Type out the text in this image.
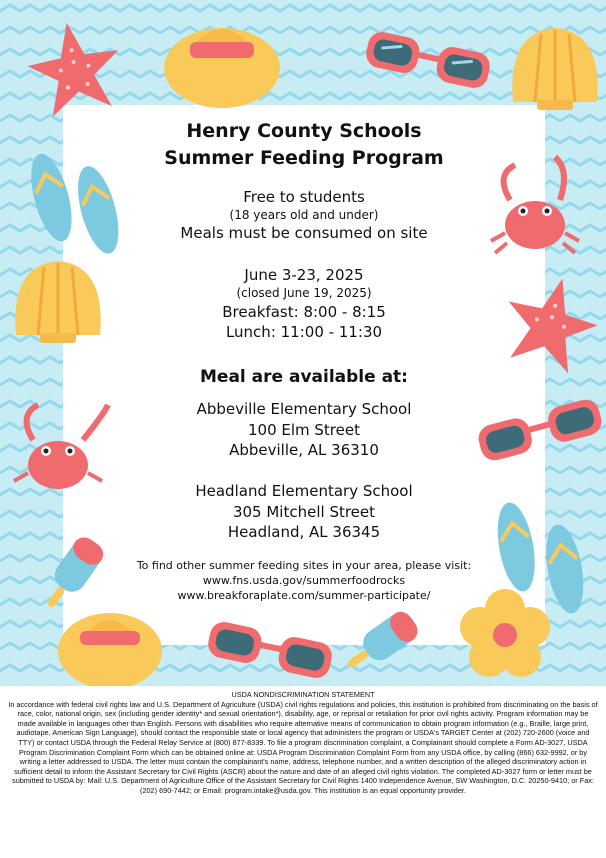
Henry County Schools
Summer Feeding Program
Free to students
(18 years old and under)
Meals must be consumed on site
June 3-23, 2025
(closed June 19, 2025)
Breakfast: 8:00 - 8:15
Lunch: 11:00 - 11:30
Meal are available at:
Abbeville Elementary School
100 Elm Street
Abbeville, AL 36310
Headland Elementary School
305 Mitchell Street
Headland, AL 36345
To find other summer feeding sites in your area, please visit:
www.fns.usda.gov/summerfoodrocks
www.breakforaplate.com/summer-participate/
USDA NONDISCRIMINATION STATEMENT
In accordance with federal civil rights law and U.S. Department of Agriculture (USDA) civil rights regulations and policies, this institution is prohibited from discriminating on the basis of race, color, national origin, sex (including gender identity* and sexual orientation*), disability, age, or reprisal or retaliation for prior civil rights activity. Program information may be made available in languages other than English. Persons with disabilities who require alternative means of communication to obtain program information (e.g., Braille, large print, audiotape, American Sign Language), should contact the responsible state or local agency that administers the program or USDA's TARGET Center at (202) 720-2600 (voice and TTY) or contact USDA through the Federal Relay Service at (800) 877-8339. To file a program discrimination complaint, a Complainant should complete a Form AD-3027, USDA Program Discrimination Complaint Form which can be obtained online at: USDA Program Discrimination Complaint Form from any USDA office, by calling (866) 632-9992, or by writing a letter addressed to USDA. The letter must contain the complainant's name, address, telephone number, and a written description of the alleged discriminatory action in sufficient detail to inform the Assistant Secretary for Civil Rights (ASCR) about the nature and date of an alleged civil rights violation. The completed AD-3027 form or letter must be submitted to USDA by: Mail: U.S. Department of Agriculture Office of the Assistant Secretary for Civil Rights 1400 Independence Avenue, SW Washington, D.C. 20250-9410; or Fax: (202) 690-7442; or Email: program.intake@usda.gov. This institution is an equal opportunity provider.
